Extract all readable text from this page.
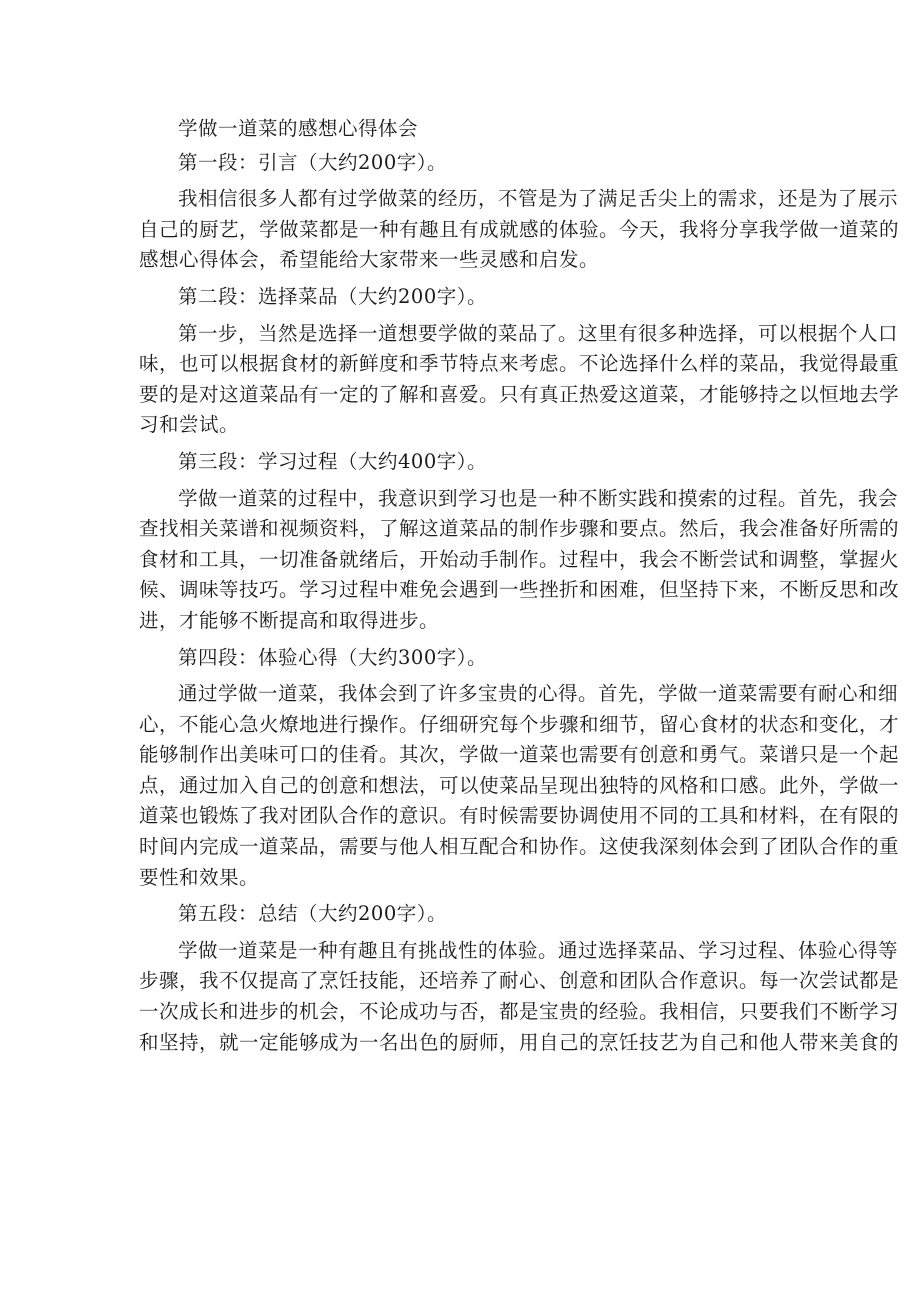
学做一道菜的感想心得体会

第一段：引言（大约200字）。

我相信很多人都有过学做菜的经历，不管是为了满足舌尖上的需求，还是为了展示

自己的厨艺，学做菜都是一种有趣且有成就感的体验。今天，我将分享我学做一道菜的

感想心得体会，希望能给大家带来一些灵感和启发。

第二段：选择菜品（大约200字）。

第一步，当然是选择一道想要学做的菜品了。这里有很多种选择，可以根据个人口

味，也可以根据食材的新鲜度和季节特点来考虑。不论选择什么样的菜品，我觉得最重

要的是对这道菜品有一定的了解和喜爱。只有真正热爱这道菜，才能够持之以恒地去学

习和尝试。

第三段：学习过程（大约400字）。

学做一道菜的过程中，我意识到学习也是一种不断实践和摸索的过程。首先，我会

查找相关菜谱和视频资料，了解这道菜品的制作步骤和要点。然后，我会准备好所需的

食材和工具，一切准备就绪后，开始动手制作。过程中，我会不断尝试和调整，掌握火

候、调味等技巧。学习过程中难免会遇到一些挫折和困难，但坚持下来，不断反思和改

进，才能够不断提高和取得进步。

第四段：体验心得（大约300字）。

通过学做一道菜，我体会到了许多宝贵的心得。首先，学做一道菜需要有耐心和细

心，不能心急火燎地进行操作。仔细研究每个步骤和细节，留心食材的状态和变化，才

能够制作出美味可口的佳肴。其次，学做一道菜也需要有创意和勇气。菜谱只是一个起

点，通过加入自己的创意和想法，可以使菜品呈现出独特的风格和口感。此外，学做一

道菜也锻炼了我对团队合作的意识。有时候需要协调使用不同的工具和材料，在有限的

时间内完成一道菜品，需要与他人相互配合和协作。这使我深刻体会到了团队合作的重

要性和效果。

第五段：总结（大约200字）。

学做一道菜是一种有趣且有挑战性的体验。通过选择菜品、学习过程、体验心得等

步骤，我不仅提高了烹饪技能，还培养了耐心、创意和团队合作意识。每一次尝试都是

一次成长和进步的机会，不论成功与否，都是宝贵的经验。我相信，只要我们不断学习

和坚持，就一定能够成为一名出色的厨师，用自己的烹饪技艺为自己和他人带来美食的
